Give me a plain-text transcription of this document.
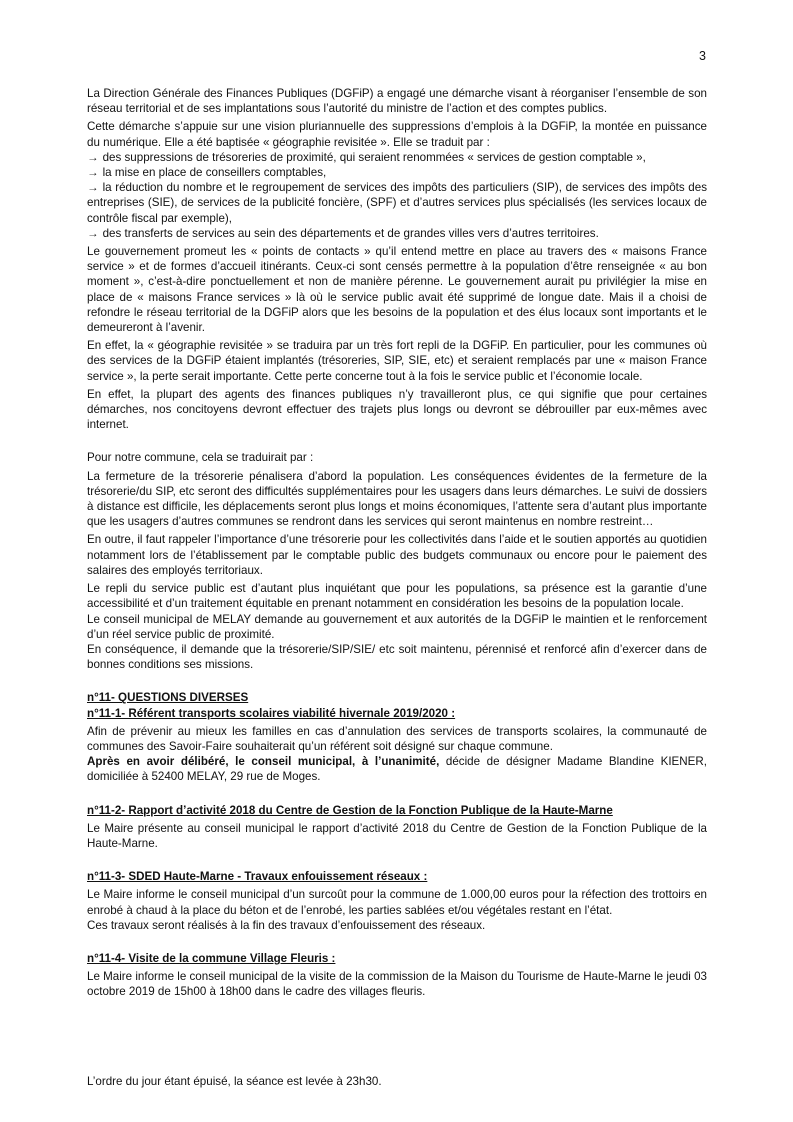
3

La Direction Générale des Finances Publiques (DGFiP) a engagé une démarche visant à réorganiser l’ensemble de son réseau territorial et de ses implantations sous l’autorité du ministre de l’action et des comptes publics.

Cette démarche s’appuie sur une vision pluriannuelle des suppressions d’emplois à la DGFiP, la montée en puissance du numérique. Elle a été baptisée « géographie revisitée ». Elle se traduit par :

→ des suppressions de trésoreries de proximité, qui seraient renommées « services de gestion comptable »,

→ la mise en place de conseillers comptables,

→ la réduction du nombre et le regroupement de services des impôts des particuliers (SIP), de services des impôts des entreprises (SIE), de services de la publicité foncière, (SPF) et d’autres services plus spécialisés (les services locaux de contrôle fiscal par exemple),

→ des transferts de services au sein des départements et de grandes villes vers d’autres territoires.

Le gouvernement promeut les « points de contacts » qu’il entend mettre en place au travers des « maisons France service » et de formes d’accueil itinérants. Ceux-ci sont censés permettre à la population d’être renseignée « au bon moment », c’est-à-dire ponctuellement et non de manière pérenne. Le gouvernement aurait pu privilégier la mise en place de « maisons France services » là où le service public avait été supprimé de longue date. Mais il a choisi de refondre le réseau territorial de la DGFiP alors que les besoins de la population et des élus locaux sont importants et le demeureront à l’avenir.

En effet, la « géographie revisitée » se traduira par un très fort repli de la DGFiP. En particulier, pour les communes où des services de la DGFiP étaient implantés (trésoreries, SIP, SIE, etc) et seraient remplacés par une « maison France service », la perte serait importante. Cette perte concerne tout à la fois le service public et l’économie locale.

En effet, la plupart des agents des finances publiques n’y travailleront plus, ce qui signifie que pour certaines démarches, nos concitoyens devront effectuer des trajets plus longs ou devront se débrouiller par eux-mêmes avec internet.

Pour notre commune, cela se traduirait par :

La fermeture de la trésorerie pénalisera d’abord la population. Les conséquences évidentes de la fermeture de la trésorerie/du SIP, etc seront des difficultés supplémentaires pour les usagers dans leurs démarches. Le suivi de dossiers à distance est difficile, les déplacements seront plus longs et moins économiques, l’attente sera d’autant plus importante que les usagers d’autres communes se rendront dans les services qui seront maintenus en nombre restreint…

En outre, il faut rappeler l’importance d’une trésorerie pour les collectivités dans l’aide et le soutien apportés au quotidien notamment lors de l’établissement par le comptable public des budgets communaux ou encore pour le paiement des salaires des employés territoriaux.

Le repli du service public est d’autant plus inquiétant que pour les populations, sa présence est la garantie d’une accessibilité et d’un traitement équitable en prenant notamment en considération les besoins de la population locale.

Le conseil municipal de MELAY demande au gouvernement et aux autorités de la DGFiP le maintien et le renforcement d’un réel service public de proximité.

En conséquence, il demande que la trésorerie/SIP/SIE/ etc soit maintenu, pérennisé et renforcé afin d’exercer dans de bonnes conditions ses missions.

n°11- QUESTIONS DIVERSES
n°11-1- Référent transports scolaires viabilité hivernale 2019/2020 :

Afin de prévenir au mieux les familles en cas d’annulation des services de transports scolaires, la communauté de communes des Savoir-Faire souhaiterait qu’un référent soit désigné sur chaque commune.

Après en avoir délibéré, le conseil municipal, à l’unanimité, décide de désigner Madame Blandine KIENER, domiciliée à 52400 MELAY, 29 rue de Moges.

n°11-2- Rapport d’activité 2018 du Centre de Gestion de la Fonction Publique de la Haute-Marne

Le Maire présente au conseil municipal le rapport d’activité 2018 du Centre de Gestion de la Fonction Publique de la Haute-Marne.

n°11-3- SDED Haute-Marne - Travaux enfouissement réseaux :

Le Maire informe le conseil municipal d’un surcoût pour la commune de 1.000,00 euros pour la réfection des trottoirs en enrobé à chaud à la place du béton et de l’enrobé, les parties sablées et/ou végétales restant en l’état.

Ces travaux seront réalisés à la fin des travaux d’enfouissement des réseaux.

n°11-4- Visite de la commune Village Fleuris :

Le Maire informe le conseil municipal de la visite de la commission de la Maison du Tourisme de Haute-Marne le jeudi 03 octobre 2019 de 15h00 à 18h00 dans le cadre des villages fleuris.

L’ordre du jour étant épuisé, la séance est levée à 23h30.
